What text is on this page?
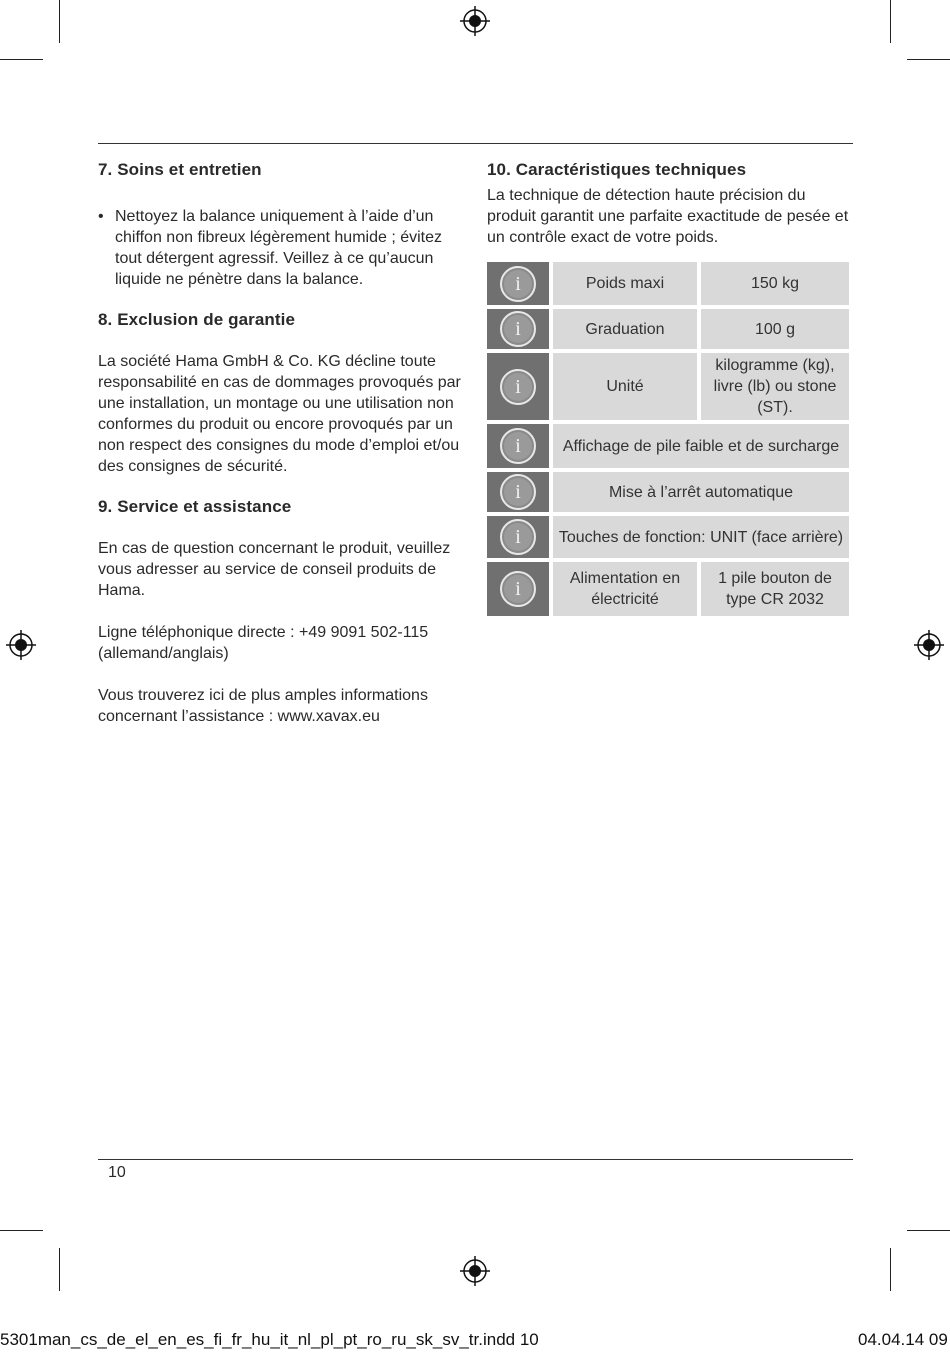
7. Soins et entretien
• Nettoyez la balance uniquement à l’aide d’un chiffon non fibreux légèrement humide ; évitez tout détergent agressif. Veillez à ce qu’aucun liquide ne pénètre dans la balance.
8. Exclusion de garantie

La société Hama GmbH & Co. KG décline toute responsabilité en cas de dommages provoqués par une installation, un montage ou une utilisation non conformes du produit ou encore provoqués par un non respect des consignes du mode d’emploi et/ou des consignes de sécurité.

9. Service et assistance

En cas de question concernant le produit, veuillez vous adresser au service de conseil produits de Hama.

Ligne téléphonique directe : +49 9091 502-115 (allemand/anglais)

Vous trouverez ici de plus amples informations concernant l’assistance : www.xavax.eu

10. Caractéristiques techniques

La technique de détection haute précision du produit garantit une parfaite exactitude de pesée et un contrôle exact de votre poids.

i	Poids maxi	150 kg

i	Graduation	100 g

i	Unité	kilogramme (kg), livre (lb) ou stone (ST).

i	Affichage de pile faible et de surcharge	

i	Mise à l’arrêt automatique	

i	Touches de fonction: UNIT (face arrière)	

i	Alimentation en électricité	1 pile bouton de type CR 2032
10
5301man_cs_de_el_en_es_fi_fr_hu_it_nl_pl_pt_ro_ru_sk_sv_tr.indd 10	04.04.14 09
